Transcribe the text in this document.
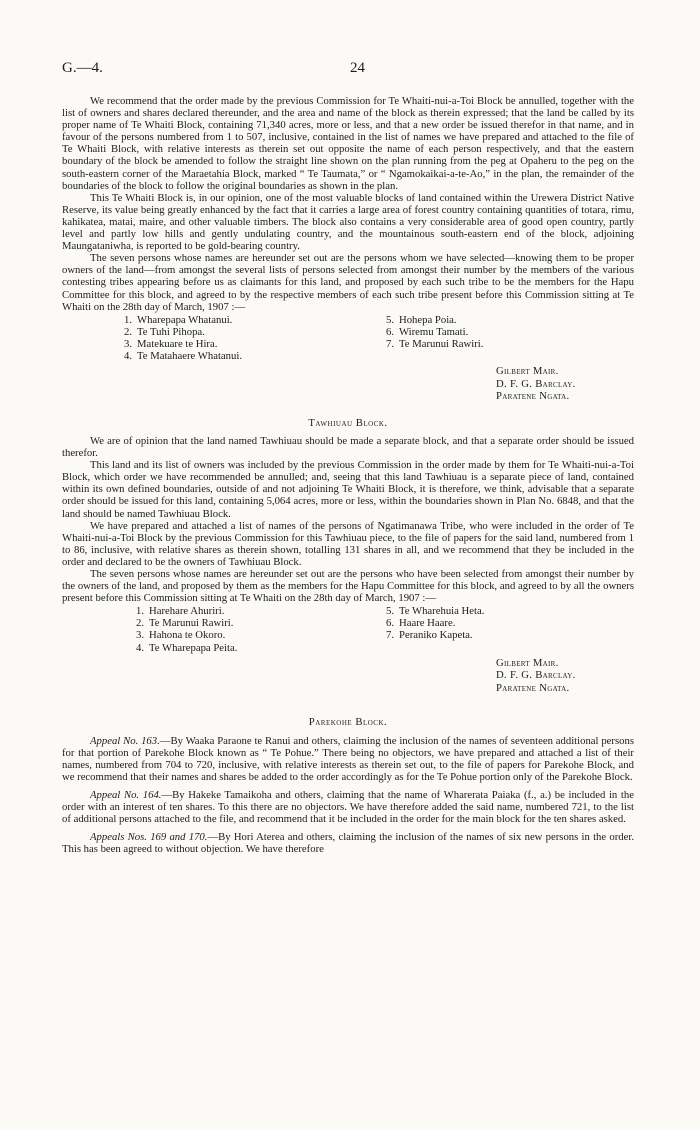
G.—4.	24

We recommend that the order made by the previous Commission for Te Whaiti-nui-a-Toi Block be annulled, together with the list of owners and shares declared thereunder, and the area and name of the block as therein expressed; that the land be called by its proper name of Te Whaiti Block, containing 71,340 acres, more or less, and that a new order be issued therefor in that name, and in favour of the persons numbered from 1 to 507, inclusive, contained in the list of names we have prepared and attached to the file of Te Whaiti Block, with relative interests as therein set out opposite the name of each person respectively, and that the eastern boundary of the block be amended to follow the straight line shown on the plan running from the peg at Opaheru to the peg on the south-eastern corner of the Maraetahia Block, marked “ Te Taumata,” or “ Ngamokaikai-a-te-Ao,” in the plan, the remainder of the boundaries of the block to follow the original boundaries as shown in the plan.

This Te Whaiti Block is, in our opinion, one of the most valuable blocks of land contained within the Urewera District Native Reserve, its value being greatly enhanced by the fact that it carries a large area of forest country containing quantities of totara, rimu, kahikatea, matai, maire, and other valuable timbers. The block also contains a very considerable area of good open country, partly level and partly low hills and gently undulating country, and the mountainous south-eastern end of the block, adjoining Maungataniwha, is reported to be gold-bearing country.

The seven persons whose names are hereunder set out are the persons whom we have selected—knowing them to be proper owners of the land—from amongst the several lists of persons selected from amongst their number by the members of the various contesting tribes appearing before us as claimants for this land, and proposed by each such tribe to be the members for the Hapu Committee for this block, and agreed to by the respective members of each such tribe present before this Commission sitting at Te Whaiti on the 28th day of March, 1907 :—

1. Wharepapa Whatanui.
2. Te Tuhi Pihopa.
3. Matekuare te Hira.
4. Te Matahaere Whatanui.
5. Hohepa Poia.
6. Wiremu Tamati.
7. Te Marunui Rawiri.
Gilbert Mair.
D. F. G. Barclay.
Paratene Ngata.
Tawhiuau Block.

We are of opinion that the land named Tawhiuau should be made a separate block, and that a separate order should be issued therefor.

This land and its list of owners was included by the previous Commission in the order made by them for Te Whaiti-nui-a-Toi Block, which order we have recommended be annulled; and, seeing that this land Tawhiuau is a separate piece of land, contained within its own defined boundaries, outside of and not adjoining Te Whaiti Block, it is therefore, we think, advisable that a separate order should be issued for this land, containing 5,064 acres, more or less, within the boundaries shown in Plan No. 6848, and that the land should be named Tawhiuau Block.

We have prepared and attached a list of names of the persons of Ngatimanawa Tribe, who were included in the order of Te Whaiti-nui-a-Toi Block by the previous Commission for this Tawhiuau piece, to the file of papers for the said land, numbered from 1 to 86, inclusive, with relative shares as therein shown, totalling 131 shares in all, and we recommend that they be included in the order and declared to be the owners of Tawhiuau Block.

The seven persons whose names are hereunder set out are the persons who have been selected from amongst their number by the owners of the land, and proposed by them as the members for the Hapu Committee for this block, and agreed to by all the owners present before this Commission sitting at Te Whaiti on the 28th day of March, 1907 :—

1. Harehare Ahuriri.
2. Te Marunui Rawiri.
3. Hahona te Okoro.
4. Te Wharepapa Peita.
5. Te Wharehuia Heta.
6. Haare Haare.
7. Peraniko Kapeta.
Gilbert Mair.
D. F. G. Barclay.
Paratene Ngata.
Parekohe Block.

Appeal No. 163.—By Waaka Paraone te Ranui and others, claiming the inclusion of the names of seventeen additional persons for that portion of Parekohe Block known as “ Te Pohue.” There being no objectors, we have prepared and attached a list of their names, numbered from 704 to 720, inclusive, with relative interests as therein set out, to the file of papers for Parekohe Block, and we recommend that their names and shares be added to the order accordingly as for the Te Pohue portion only of the Parekohe Block.

Appeal No. 164.—By Hakeke Tamaikoha and others, claiming that the name of Wharerata Paiaka (f., a.) be included in the order with an interest of ten shares. To this there are no objectors. We have therefore added the said name, numbered 721, to the list of additional persons attached to the file, and recommend that it be included in the order for the main block for the ten shares asked.

Appeals Nos. 169 and 170.—By Hori Aterea and others, claiming the inclusion of the names of six new persons in the order. This has been agreed to without objection. We have therefore
